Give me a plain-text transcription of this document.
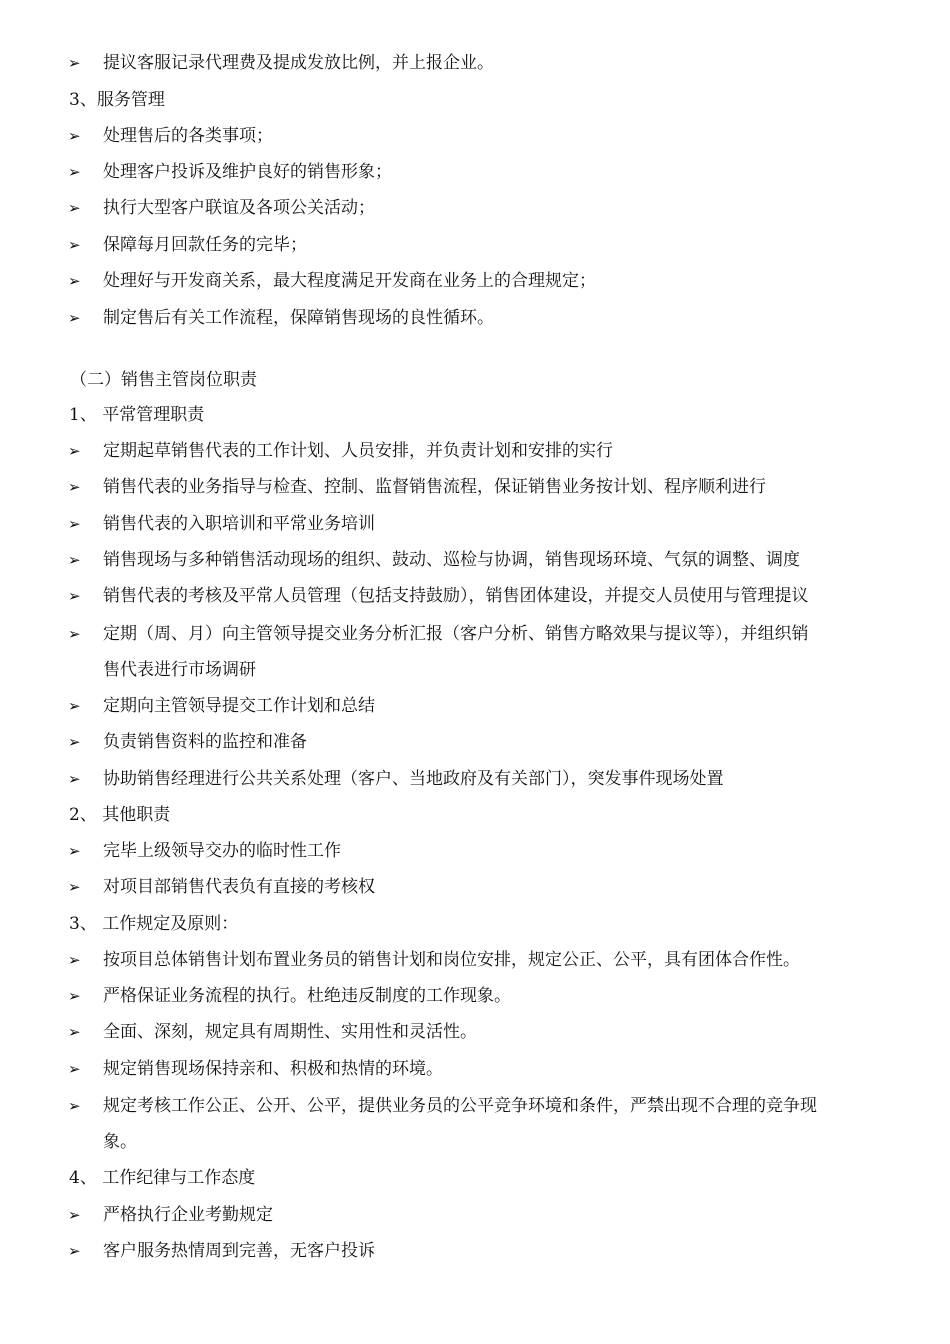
➢	提议客服记录代理费及提成发放比例，并上报企业。
3、服务管理
➢	处理售后的各类事项；
➢	处理客户投诉及维护良好的销售形象；
➢	执行大型客户联谊及各项公关活动；
➢	保障每月回款任务的完毕；
➢	处理好与开发商关系，最大程度满足开发商在业务上的合理规定；
➢	制定售后有关工作流程，保障销售现场的良性循环。
（二）销售主管岗位职责
1、 平常管理职责
➢	定期起草销售代表的工作计划、人员安排，并负责计划和安排的实行
➢	销售代表的业务指导与检查、控制、监督销售流程，保证销售业务按计划、程序顺利进行
➢	销售代表的入职培训和平常业务培训
➢	销售现场与多种销售活动现场的组织、鼓动、巡检与协调，销售现场环境、气氛的调整、调度
➢	销售代表的考核及平常人员管理（包括支持鼓励），销售团体建设，并提交人员使用与管理提议
➢	定期（周、月）向主管领导提交业务分析汇报（客户分析、销售方略效果与提议等），并组织销
售代表进行市场调研
➢	定期向主管领导提交工作计划和总结
➢	负责销售资料的监控和准备
➢	协助销售经理进行公共关系处理（客户、当地政府及有关部门），突发事件现场处置
2、 其他职责
➢	完毕上级领导交办的临时性工作
➢	对项目部销售代表负有直接的考核权
3、 工作规定及原则：
➢	按项目总体销售计划布置业务员的销售计划和岗位安排，规定公正、公平，具有团体合作性。
➢	严格保证业务流程的执行。杜绝违反制度的工作现象。
➢	全面、深刻，规定具有周期性、实用性和灵活性。
➢	规定销售现场保持亲和、积极和热情的环境。
➢	规定考核工作公正、公开、公平，提供业务员的公平竞争环境和条件，严禁出现不合理的竞争现
象。
4、 工作纪律与工作态度
➢	严格执行企业考勤规定
➢	客户服务热情周到完善，无客户投诉
